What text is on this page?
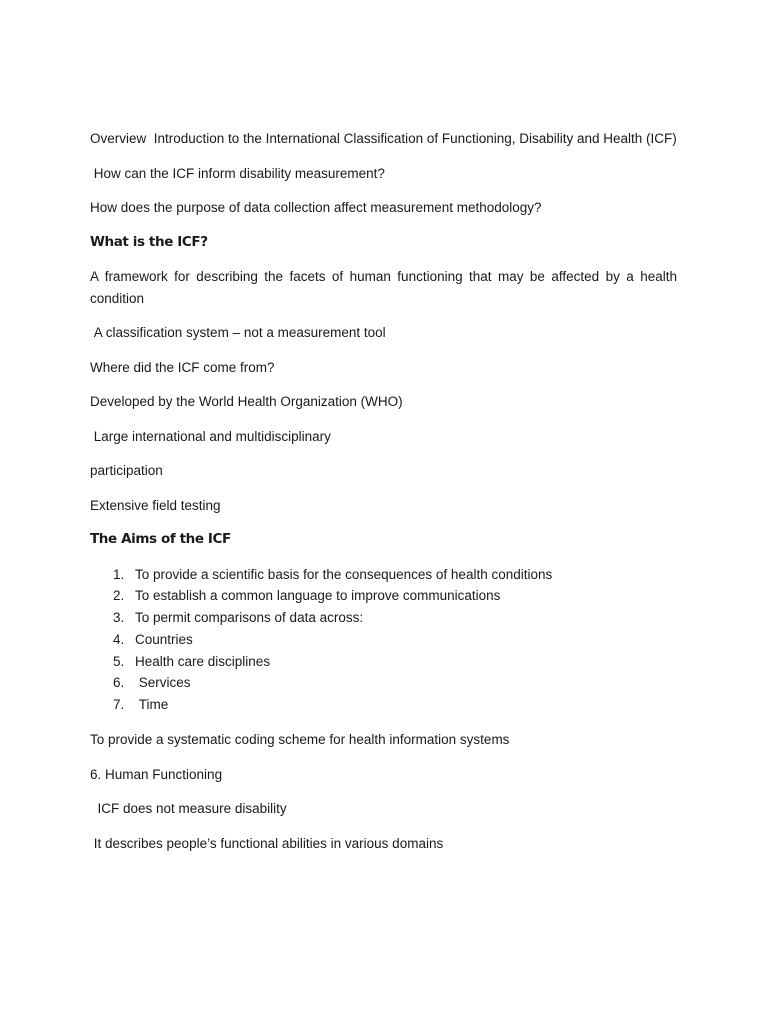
Overview  Introduction to the International Classification of Functioning, Disability and Health (ICF)

How can the ICF inform disability measurement?

How does the purpose of data collection affect measurement methodology?

What is the ICF?

A framework for describing the facets of human functioning that may be affected by a health condition

A classification system – not a measurement tool

Where did the ICF come from?

Developed by the World Health Organization (WHO)

Large international and multidisciplinary

participation

Extensive field testing

The Aims of the ICF

1. To provide a scientific basis for the consequences of health conditions
2. To establish a common language to improve communications
3. To permit comparisons of data across:
4. Countries
5. Health care disciplines
6. Services
7. Time

To provide a systematic coding scheme for health information systems

6. Human Functioning

ICF does not measure disability

It describes people’s functional abilities in various domains
